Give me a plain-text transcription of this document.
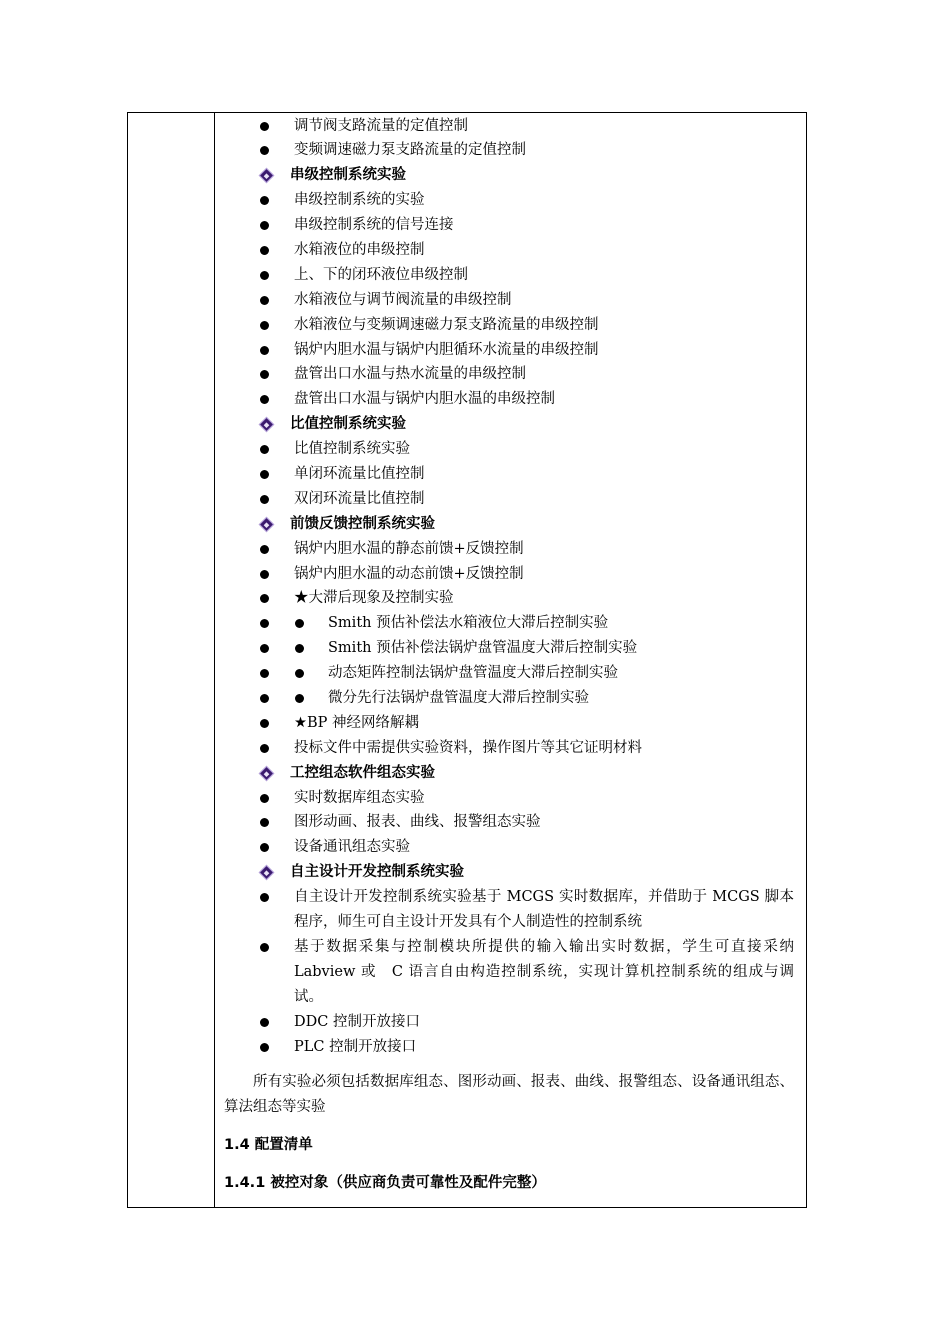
调节阀支路流量的定值控制
变频调速磁力泵支路流量的定值控制
串级控制系统实验
串级控制系统的实验
串级控制系统的信号连接
水箱液位的串级控制
上、下的闭环液位串级控制
水箱液位与调节阀流量的串级控制
水箱液位与变频调速磁力泵支路流量的串级控制
锅炉内胆水温与锅炉内胆循环水流量的串级控制
盘管出口水温与热水流量的串级控制
盘管出口水温与锅炉内胆水温的串级控制
比值控制系统实验
比值控制系统实验
单闭环流量比值控制
双闭环流量比值控制
前馈反馈控制系统实验
锅炉内胆水温的静态前馈+反馈控制
锅炉内胆水温的动态前馈+反馈控制
★大滞后现象及控制实验
Smith 预估补偿法水箱液位大滞后控制实验
Smith 预估补偿法锅炉盘管温度大滞后控制实验
动态矩阵控制法锅炉盘管温度大滞后控制实验
微分先行法锅炉盘管温度大滞后控制实验
★BP 神经网络解耦
投标文件中需提供实验资料，操作图片等其它证明材料
工控组态软件组态实验
实时数据库组态实验
图形动画、报表、曲线、报警组态实验
设备通讯组态实验
自主设计开发控制系统实验
自主设计开发控制系统实验基于 MCGS 实时数据库，并借助于 MCGS 脚本程序，师生可自主设计开发具有个人制造性的控制系统
基于数据采集与控制模块所提供的输入输出实时数据，学生可直接采纳 Labview 或　C 语言自由构造控制系统，实现计算机控制系统的组成与调试。
DDC 控制开放接口
PLC 控制开放接口
所有实验必须包括数据库组态、图形动画、报表、曲线、报警组态、设备通讯组态、算法组态等实验
1.4 配置清单
1.4.1 被控对象（供应商负责可靠性及配件完整）
